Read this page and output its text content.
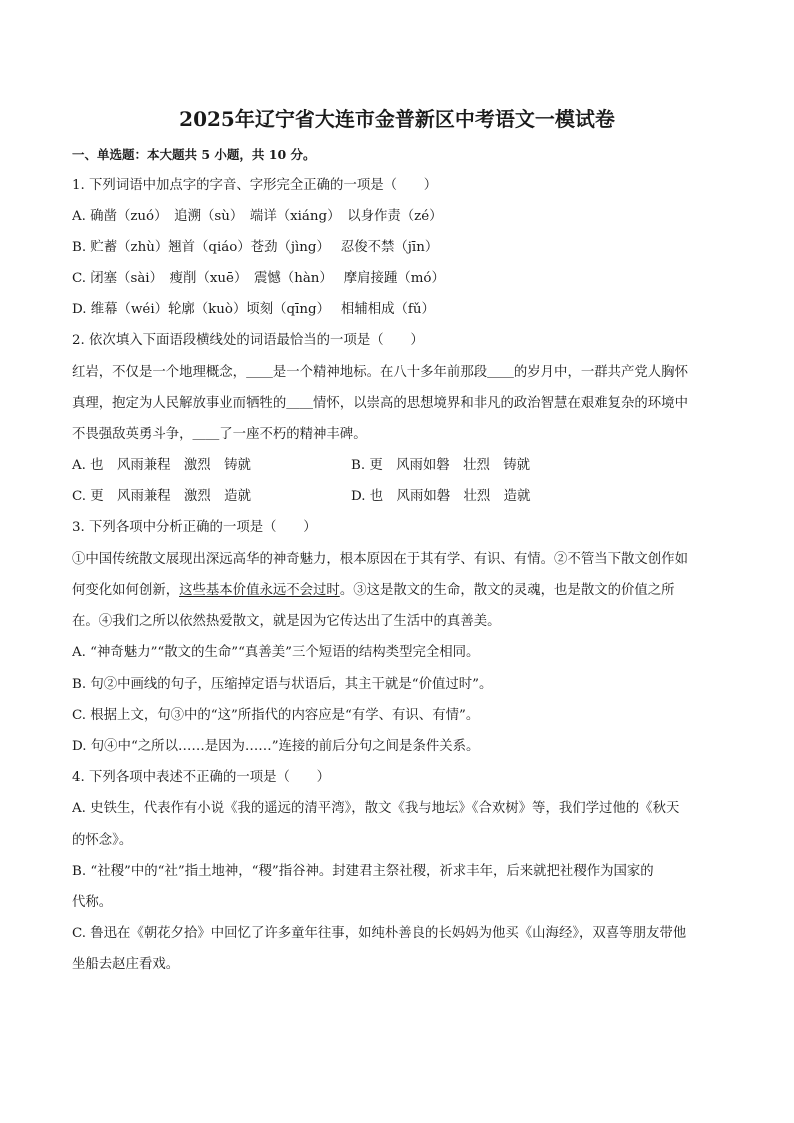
2025年辽宁省大连市金普新区中考语文一模试卷
一、单选题：本大题共 5 小题，共 10 分。
1. 下列词语中加点字的字音、字形完全正确的一项是（　　）
A. 确凿（zuó）　追溯（sù）　端详（xiáng）　以身作责（zé）
B. 贮蓄（zhù）翘首（qiáo）苍劲（jìng）　 忍俊不禁（jīn）
C. 闭塞（sài）　瘦削（xuē）　震憾（hàn）　 摩肩接踵（mó）
D. 维幕（wéi）轮廓（kuò）顷刻（qīng）　 相辅相成（fǔ）
2. 依次填入下面语段横线处的词语最恰当的一项是（　　）
红岩，不仅是一个地理概念，＿＿是一个精神地标。在八十多年前那段＿＿的岁月中，一群共产党人胸怀
真理，抱定为人民解放事业而牺牲的＿＿情怀，以崇高的思想境界和非凡的政治智慧在艰难复杂的环境中
不畏强敌英勇斗争，＿＿了一座不朽的精神丰碑。
A. 也　风雨兼程　激烈　铸就	B. 更　风雨如磐　壮烈　铸就
C. 更　风雨兼程　激烈　造就	D. 也　风雨如磐　壮烈　造就
3. 下列各项中分析正确的一项是（　　）
①中国传统散文展现出深远高华的神奇魅力，根本原因在于其有学、有识、有情。②不管当下散文创作如
何变化如何创新，这些基本价值永远不会过时。③这是散文的生命，散文的灵魂，也是散文的价值之所
在。④我们之所以依然热爱散文，就是因为它传达出了生活中的真善美。
A. “神奇魅力”“散文的生命”“真善美”三个短语的结构类型完全相同。
B. 句②中画线的句子，压缩掉定语与状语后，其主干就是“价值过时”。
C. 根据上文，句③中的“这”所指代的内容应是“有学、有识、有情”。
D. 句④中“之所以……是因为……”连接的前后分句之间是条件关系。
4. 下列各项中表述不正确的一项是（　　）
A. 史铁生，代表作有小说《我的遥远的清平湾》，散文《我与地坛》《合欢树》等，我们学过他的《秋天
的怀念》。
B. “社稷”中的“社”指土地神，“稷”指谷神。封建君主祭社稷，祈求丰年，后来就把社稷作为国家的
代称。
C. 鲁迅在《朝花夕拾》中回忆了许多童年往事，如纯朴善良的长妈妈为他买《山海经》，双喜等朋友带他
坐船去赵庄看戏。
